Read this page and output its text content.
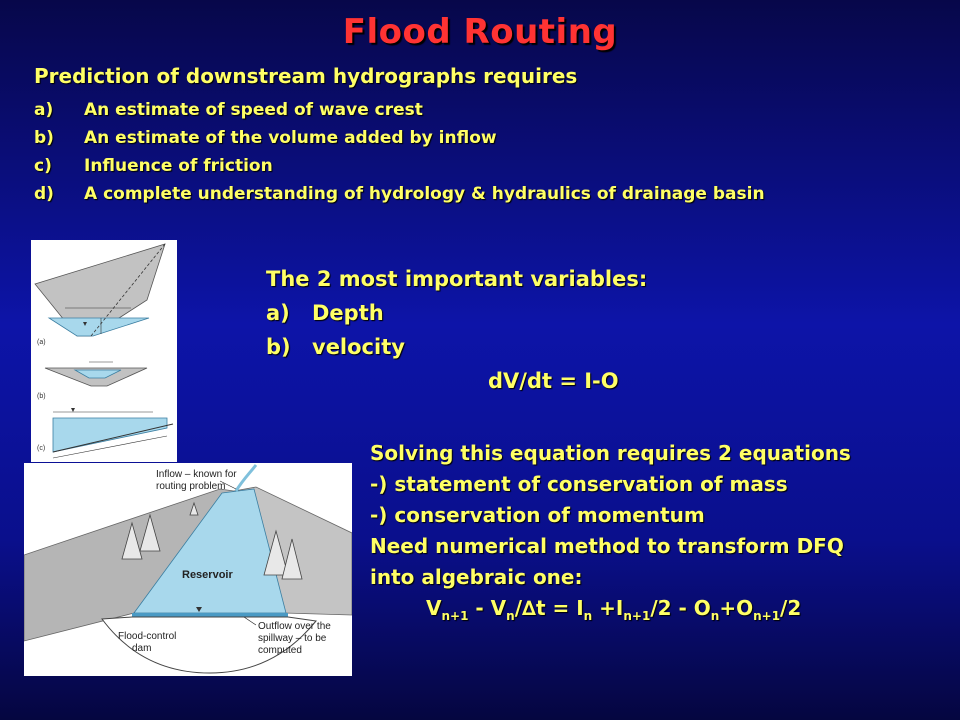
Flood Routing
Prediction of downstream hydrographs requires
a) An estimate of speed of wave crest
b) An estimate of the volume added by inflow
c) Influence of friction
d) A complete understanding of hydrology & hydraulics of drainage basin
(a)
(b)
(c)
Inflow – known for
routing problem
Reservoir
Outflow over the
spillway – to be
computed
Flood-control
dam
The 2 most important variables:
a) Depth
b) velocity
dV/dt = I-O
Solving this equation requires 2 equations
-) statement of conservation of mass
-) conservation of momentum
Need numerical method to transform DFQ
into algebraic one:
$V_{n+1} - V_n/\Delta t = I_n +I_{n+1}/2 - O_n+O_{n+1}/2$
